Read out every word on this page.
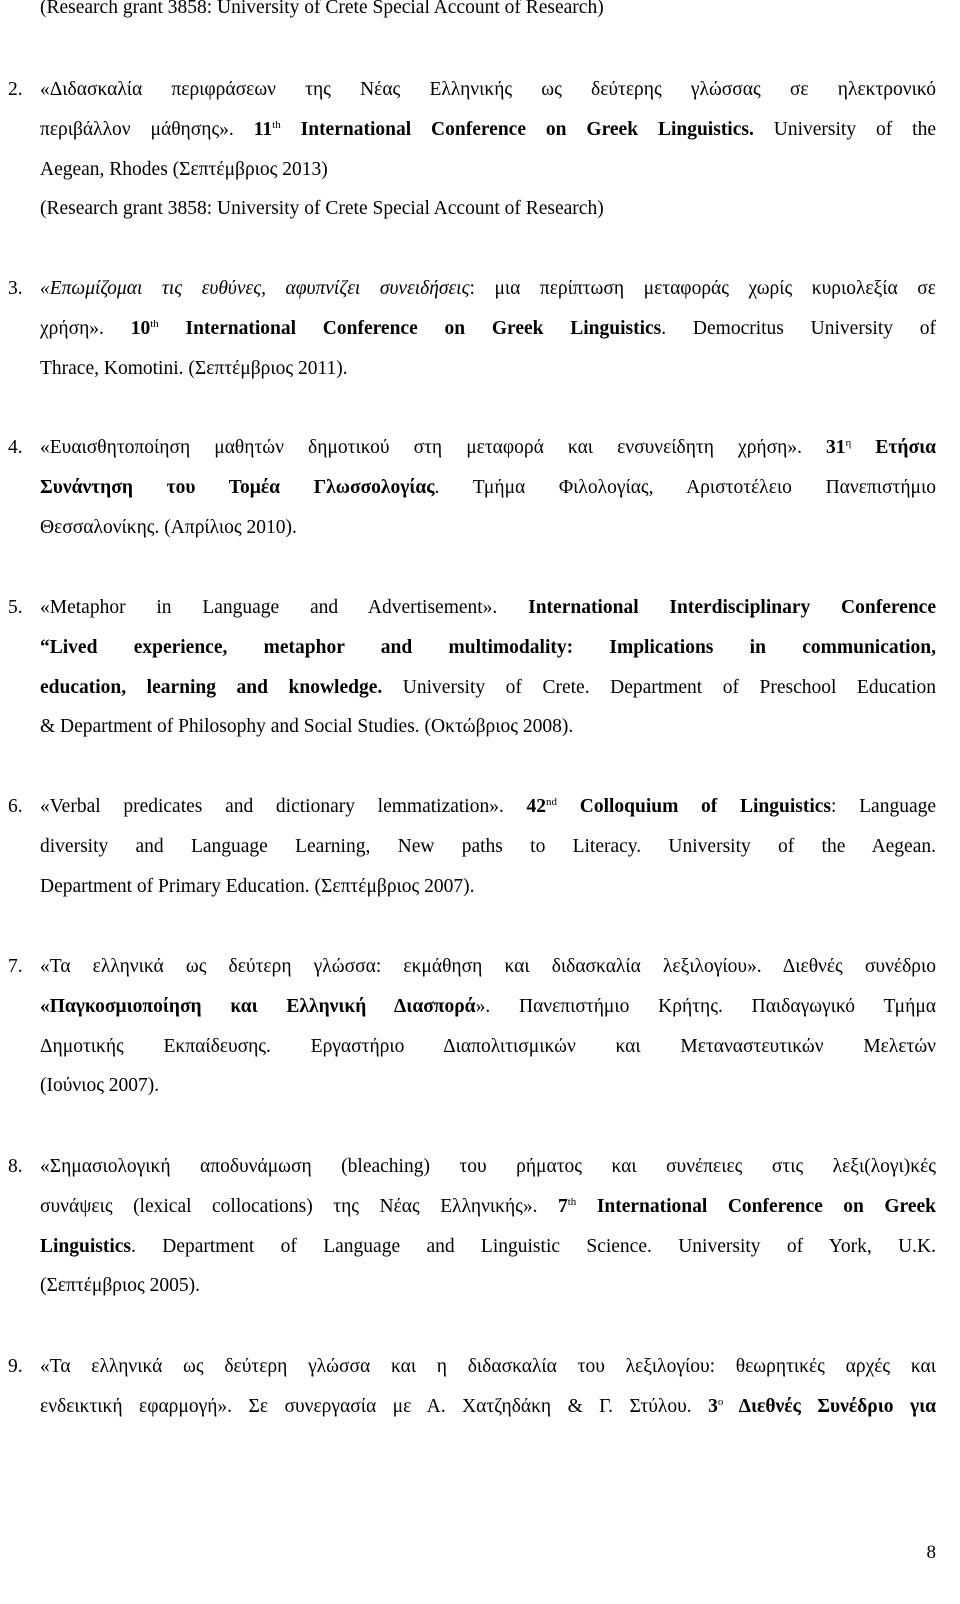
(Research grant 3858: University of Crete Special Account of Research)
2. «Διδασκαλία περιφράσεων της Νέας Ελληνικής ως δεύτερης γλώσσας σε ηλεκτρονικό
περιβάλλον μάθησης». 11th International Conference on Greek Linguistics. University of the
Aegean, Rhodes (Σεπτέμβριος 2013)
(Research grant 3858: University of Crete Special Account of Research)
3. «Επωμίζομαι τις ευθύνες, αφυπνίζει συνειδήσεις: μια περίπτωση μεταφοράς χωρίς κυριολεξία σε
χρήση». 10th International Conference on Greek Linguistics. Democritus University of
Thrace, Komotini. (Σεπτέμβριος 2011).
4. «Ευαισθητοποίηση μαθητών δημοτικού στη μεταφορά και ενσυνείδητη χρήση». $31^\eta$ Ετήσια
Συνάντηση του Τομέα Γλωσσολογίας. Τμήμα Φιλολογίας, Αριστοτέλειο Πανεπιστήμιο
Θεσσαλονίκης. (Απρίλιος 2010).
5. «Metaphor in Language and Advertisement». International Interdisciplinary Conference
“Lived experience, metaphor and multimodality: Implications in communication,
education, learning and knowledge. University of Crete. Department of Preschool Education
& Department of Philosophy and Social Studies. (Οκτώβριος 2008).
6. «Verbal predicates and dictionary lemmatization». 42nd Colloquium of Linguistics: Language
diversity and Language Learning, New paths to Literacy. University of the Aegean.
Department of Primary Education. (Σεπτέμβριος 2007).
7. «Τα ελληνικά ως δεύτερη γλώσσα: εκμάθηση και διδασκαλία λεξιλογίου». Διεθνές συνέδριο
«Παγκοσμιοποίηση και Ελληνική Διασπορά». Πανεπιστήμιο Κρήτης. Παιδαγωγικό Τμήμα
Δημοτικής Εκπαίδευσης. Εργαστήριο Διαπολιτισμικών και Μεταναστευτικών Μελετών
(Ιούνιος 2007).
8. «Σημασιολογική αποδυνάμωση (bleaching) του ρήματος και συνέπειες στις λεξι(λογι)κές
συνάψεις (lexical collocations) της Νέας Ελληνικής». 7th International Conference on Greek
Linguistics. Department of Language and Linguistic Science. University of York, U.K.
(Σεπτέμβριος 2005).
9. «Τα ελληνικά ως δεύτερη γλώσσα και η διδασκαλία του λεξιλογίου: θεωρητικές αρχές και
ενδεικτική εφαρμογή». Σε συνεργασία με Α. Χατζηδάκη & Γ. Στύλου. $3^o$ Διεθνές Συνέδριο για
8
